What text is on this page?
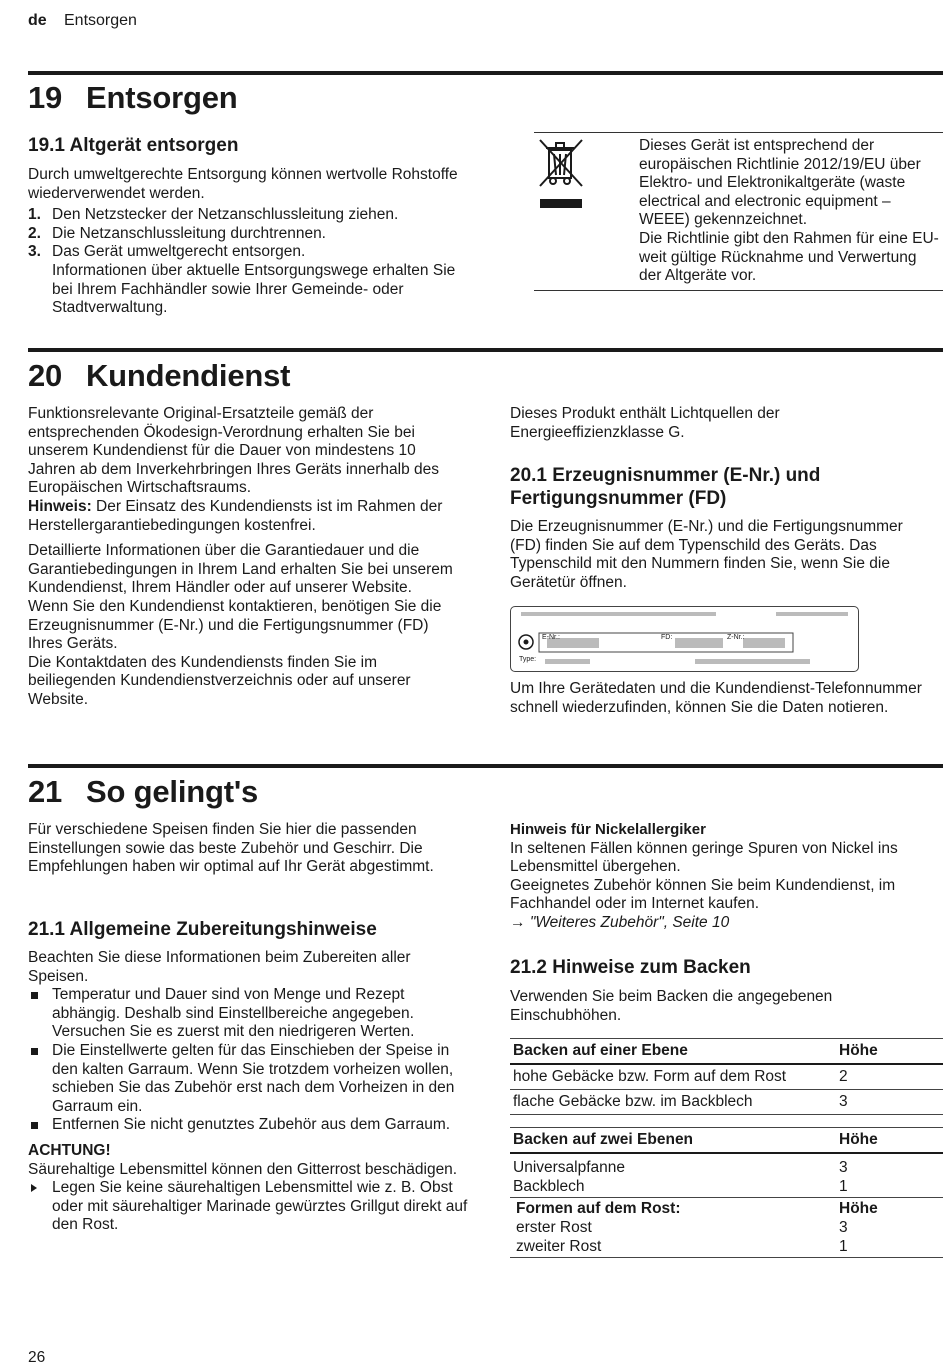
de Entsorgen
19 Entsorgen
19.1 Altgerät entsorgen

Durch umweltgerechte Entsorgung können wertvolle Rohstoffe wiederverwendet werden.

1. Den Netzstecker der Netzanschlussleitung ziehen.
2. Die Netzanschlussleitung durchtrennen.
3. Das Gerät umweltgerecht entsorgen.
Informationen über aktuelle Entsorgungswege erhalten Sie bei Ihrem Fachhändler sowie Ihrer Gemeinde- oder Stadtverwaltung.

Dieses Gerät ist entsprechend der europäischen Richtlinie 2012/19/EU über Elektro- und Elektronikaltgeräte (waste electrical and electronic equipment – WEEE) gekennzeichnet.

Die Richtlinie gibt den Rahmen für eine EU-weit gültige Rücknahme und Verwertung der Altgeräte vor.

20 Kundendienst

Funktionsrelevante Original-Ersatzteile gemäß der entsprechenden Ökodesign-Verordnung erhalten Sie bei unserem Kundendienst für die Dauer von mindestens 10 Jahren ab dem Inverkehrbringen Ihres Geräts innerhalb des Europäischen Wirtschaftsraums.

Hinweis: Der Einsatz des Kundendiensts ist im Rahmen der Herstellergarantiebedingungen kostenfrei.

Detaillierte Informationen über die Garantiedauer und die Garantiebedingungen in Ihrem Land erhalten Sie bei unserem Kundendienst, Ihrem Händler oder auf unserer Website.

Wenn Sie den Kundendienst kontaktieren, benötigen Sie die Erzeugnisnummer (E-Nr.) und die Fertigungsnummer (FD) Ihres Geräts.

Die Kontaktdaten des Kundendiensts finden Sie im beiliegenden Kundendienstverzeichnis oder auf unserer Website.

Dieses Produkt enthält Lichtquellen der Energieeffizienzklasse G.

20.1 Erzeugnisnummer (E-Nr.) und Fertigungsnummer (FD)

Die Erzeugnisnummer (E-Nr.) und die Fertigungsnummer (FD) finden Sie auf dem Typenschild des Geräts. Das Typenschild mit den Nummern finden Sie, wenn Sie die Gerätetür öffnen.

E-Nr.:	FD:	Z-Nr.:
Type:

Um Ihre Gerätedaten und die Kundendienst-Telefonnummer schnell wiederzufinden, können Sie die Daten notieren.

21 So gelingt's

Für verschiedene Speisen finden Sie hier die passenden Einstellungen sowie das beste Zubehör und Geschirr. Die Empfehlungen haben wir optimal auf Ihr Gerät abgestimmt.

21.1 Allgemeine Zubereitungshinweise

Beachten Sie diese Informationen beim Zubereiten aller Speisen.

Temperatur und Dauer sind von Menge und Rezept abhängig. Deshalb sind Einstellbereiche angegeben. Versuchen Sie es zuerst mit den niedrigeren Werten.
Die Einstellwerte gelten für das Einschieben der Speise in den kalten Garraum. Wenn Sie trotzdem vorheizen wollen, schieben Sie das Zubehör erst nach dem Vorheizen in den Garraum ein.
Entfernen Sie nicht genutztes Zubehör aus dem Garraum.

ACHTUNG!

Säurehaltige Lebensmittel können den Gitterrost beschädigen.

Legen Sie keine säurehaltigen Lebensmittel wie z. B. Obst oder mit säurehaltiger Marinade gewürztes Grillgut direkt auf den Rost.

Hinweis für Nickelallergiker

In seltenen Fällen können geringe Spuren von Nickel ins Lebensmittel übergehen.

Geeignetes Zubehör können Sie beim Kundendienst, im Fachhandel oder im Internet kaufen.

→ "Weiteres Zubehör", Seite 10

21.2 Hinweise zum Backen

Verwenden Sie beim Backen die angegebenen Einschubhöhen.

Backen auf einer Ebene	Höhe
hohe Gebäcke bzw. Form auf dem Rost	2
flache Gebäcke bzw. im Backblech	3
Backen auf zwei Ebenen	Höhe
Universalpfanne	3
Backblech	1
Formen auf dem Rost:	Höhe
erster Rost	3
zweiter Rost	1
26
